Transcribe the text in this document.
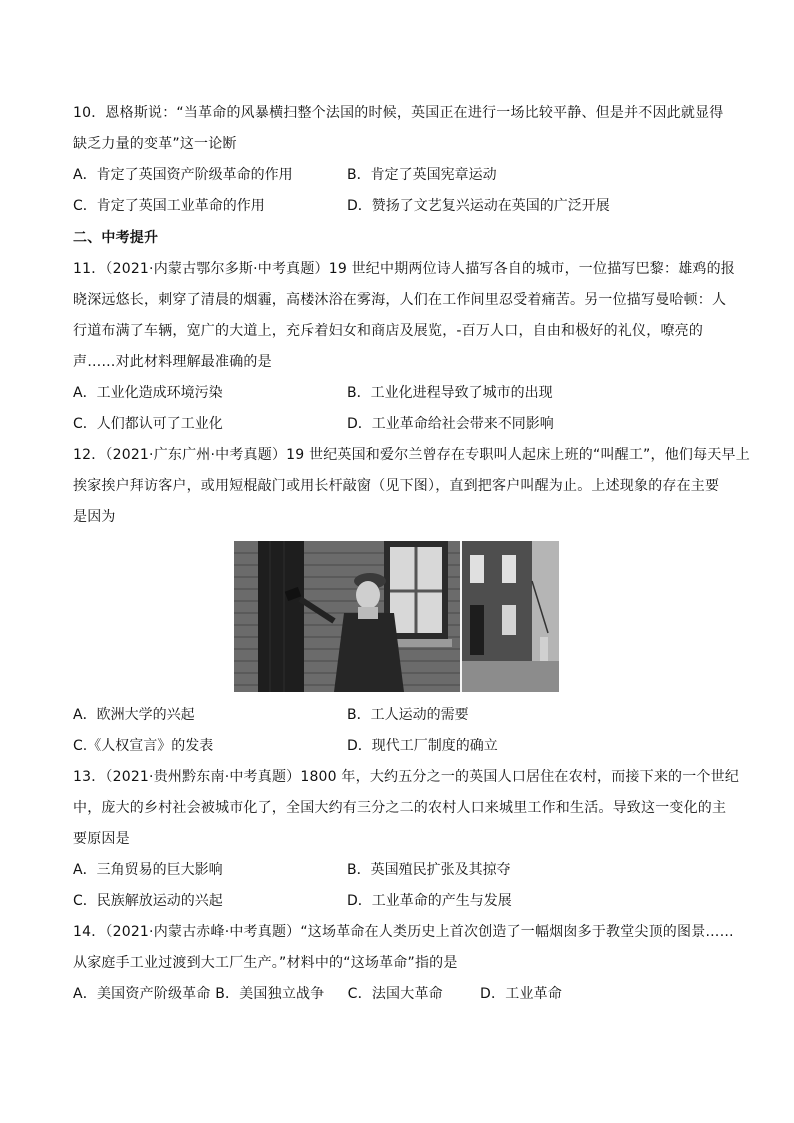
10．恩格斯说：“当革命的风暴横扫整个法国的时候，英国正在进行一场比较平静、但是并不因此就显得
缺乏力量的变革”这一论断
A．肯定了英国资产阶级革命的作用	B．肯定了英国宪章运动
C．肯定了英国工业革命的作用	D．赞扬了文艺复兴运动在英国的广泛开展
二、中考提升
11．（2021·内蒙古鄂尔多斯·中考真题）19 世纪中期两位诗人描写各自的城市，一位描写巴黎：雄鸡的报
晓深远悠长，刺穿了清晨的烟霾，高楼沐浴在雾海，人们在工作间里忍受着痛苦。另一位描写曼哈顿：人
行道布满了车辆，宽广的大道上，充斥着妇女和商店及展览，-百万人口，自由和极好的礼仪，嘹亮的
声……对此材料理解最准确的是
A．工业化造成环境污染	B．工业化进程导致了城市的出现
C．人们都认可了工业化	D．工业革命给社会带来不同影响
12．（2021·广东广州·中考真题）19 世纪英国和爱尔兰曾存在专职叫人起床上班的“叫醒工”，他们每天早上
挨家挨户拜访客户，或用短棍敲门或用长杆敲窗（见下图），直到把客户叫醒为止。上述现象的存在主要
是因为
A．欧洲大学的兴起	B．工人运动的需要
C.《人权宣言》的发表	D．现代工厂制度的确立
13．（2021·贵州黔东南·中考真题）1800 年，大约五分之一的英国人口居住在农村，而接下来的一个世纪
中，庞大的乡村社会被城市化了，全国大约有三分之二的农村人口来城里工作和生活。导致这一变化的主
要原因是
A．三角贸易的巨大影响	B．英国殖民扩张及其掠夺
C．民族解放运动的兴起	D．工业革命的产生与发展
14．（2021·内蒙古赤峰·中考真题）“这场革命在人类历史上首次创造了一幅烟囱多于教堂尖顶的图景……
从家庭手工业过渡到大工厂生产。”材料中的“这场革命”指的是
A．美国资产阶级革命 B．美国独立战争     C．法国大革命        D．工业革命
